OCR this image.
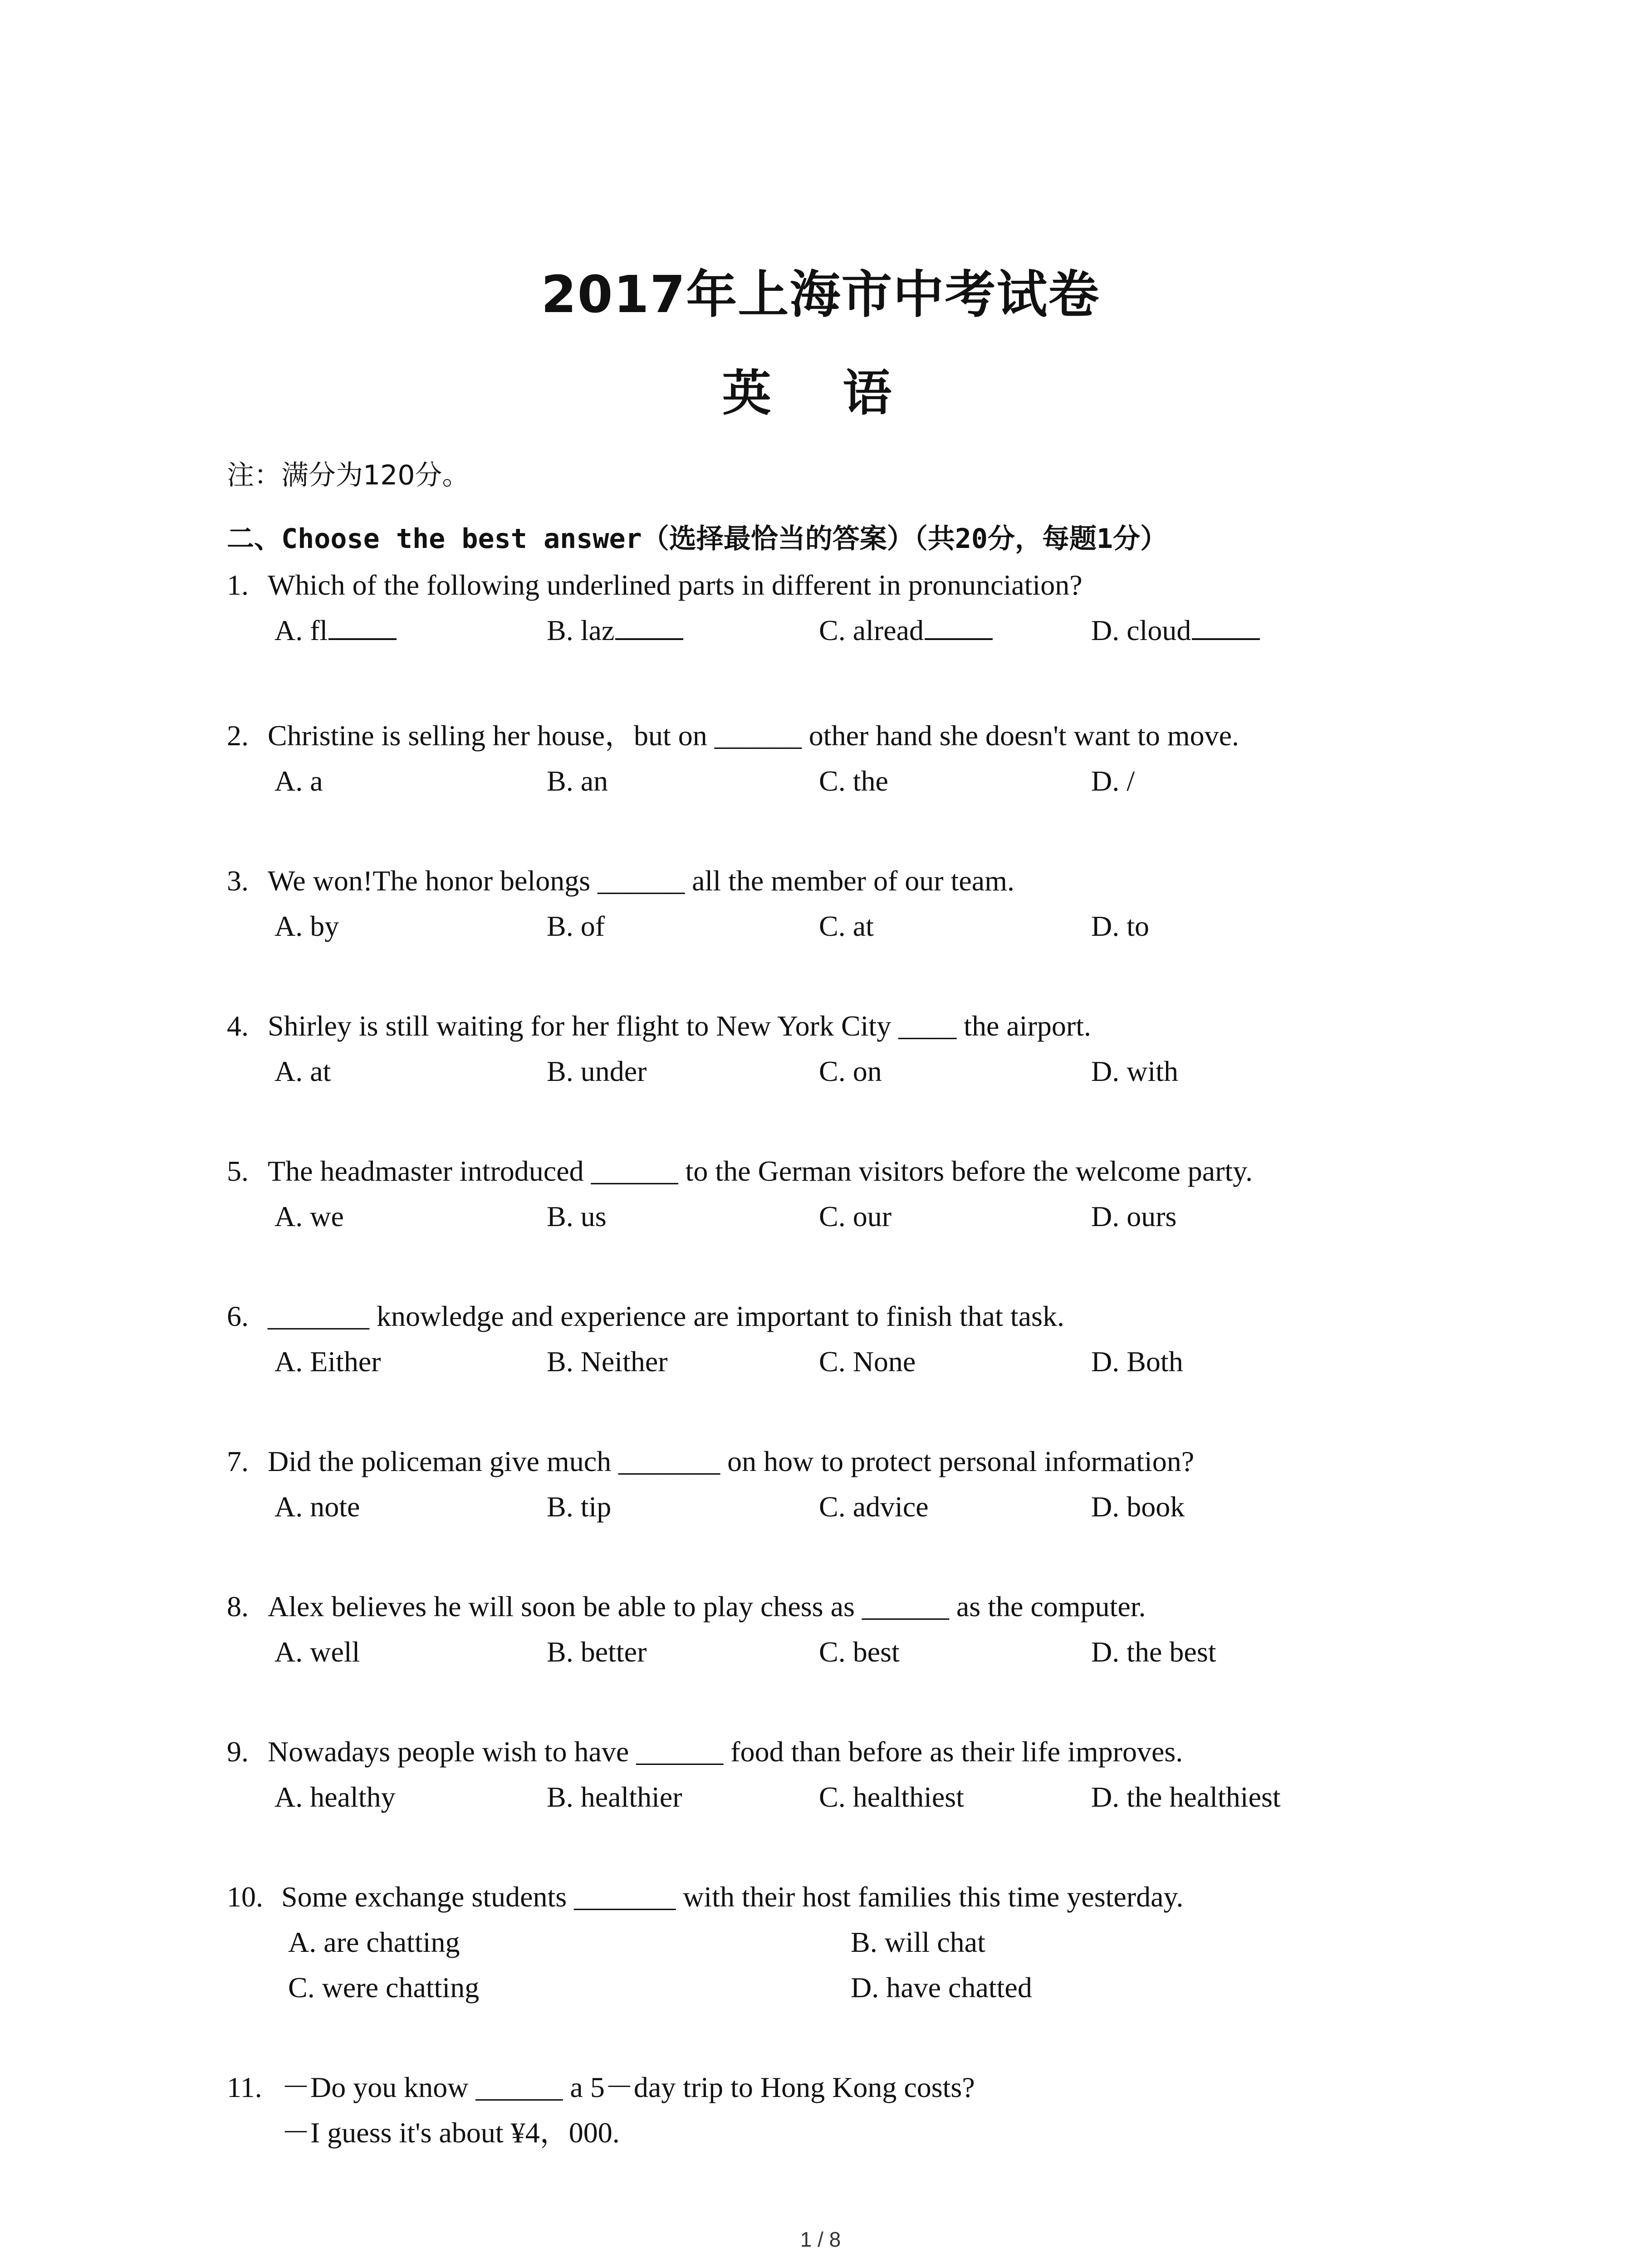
2017年上海市中考试卷
英 语
注：满分为120分。
二、Choose the best answer（选择最恰当的答案）（共20分，每题1分）
1. Which of the following underlined parts in different in pronunciation?
A. fl	B. laz	C. alread	D. cloud
2. Christine is selling her house，but on ______ other hand she doesn't want to move.
A. a	B. an	C. the	D. /
3. We won!The honor belongs ______ all the member of our team.
A. by	B. of	C. at	D. to
4. Shirley is still waiting for her flight to New York City ____ the airport.
A. at	B. under	C. on	D. with
5. The headmaster introduced ______ to the German visitors before the welcome party.
A. we	B. us	C. our	D. ours
6. _______ knowledge and experience are important to finish that task.
A. Either	B. Neither	C. None	D. Both
7. Did the policeman give much _______ on how to protect personal information?
A. note	B. tip	C. advice	D. book
8. Alex believes he will soon be able to play chess as ______ as the computer.
A. well	B. better	C. best	D. the best
9. Nowadays people wish to have ______ food than before as their life improves.
A. healthy	B. healthier	C. healthiest	D. the healthiest
10. Some exchange students _______ with their host families this time yesterday.
A. are chatting	B. will chat
C. were chatting	D. have chatted
11. －Do you know ______ a 5－day trip to Hong Kong costs?
－I guess it's about ¥4，000.
1 / 8
